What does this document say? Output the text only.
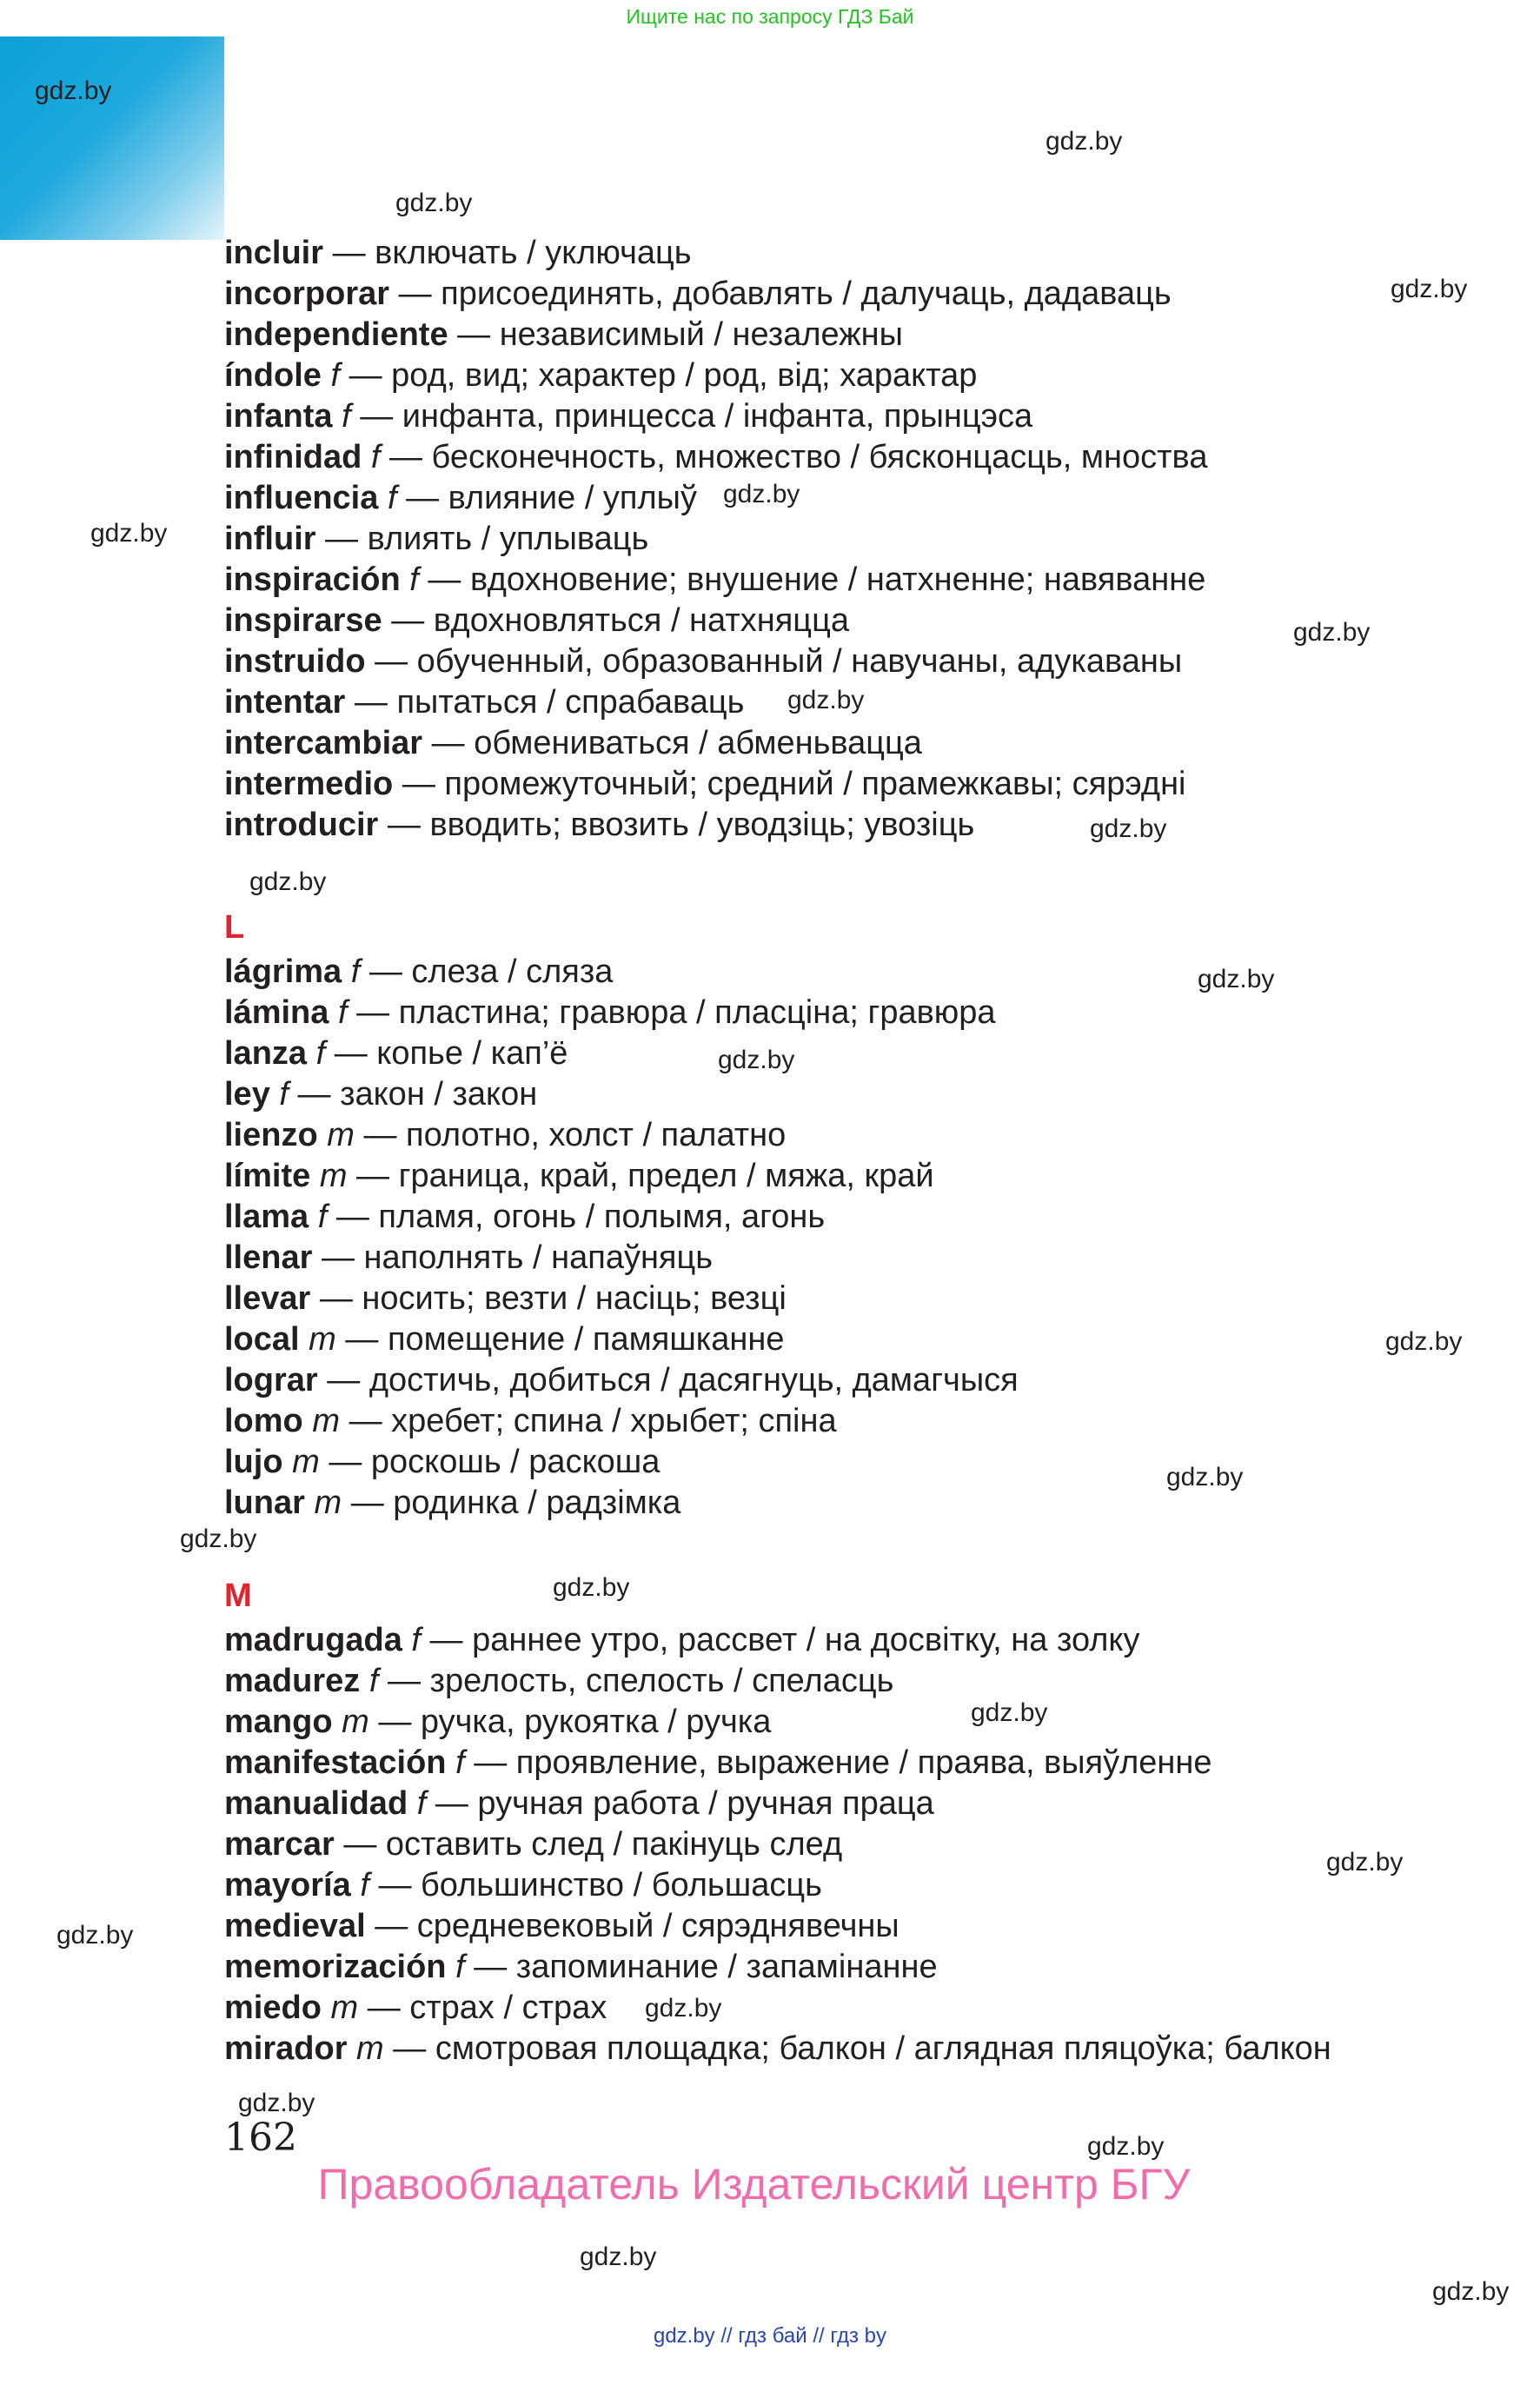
Ищите нас по запросу ГДЗ Бай
gdz.by
gdz.by
gdz.by
gdz.by
gdz.by
gdz.by
gdz.by
gdz.by
gdz.by
gdz.by
gdz.by
gdz.by
gdz.by
gdz.by
gdz.by
gdz.by
gdz.by
gdz.by
gdz.by
gdz.by
gdz.by
gdz.by
gdz.by
gdz.by
incluir — включать / уключаць
incorporar — присоединять, добавлять / далучаць, дадаваць
independiente — независимый / незалежны
índole f — род, вид; характер / род, від; характар
infanta f — инфанта, принцесса / інфанта, прынцэса
infinidad f — бесконечность, множество / бясконцасць, мноства
influencia f — влияние / уплыў
influir — влиять / уплываць
inspiración f — вдохновение; внушение / натхненне; навяванне
inspirarse — вдохновляться / натхняцца
instruido — обученный, образованный / навучаны, адукаваны
intentar — пытаться / спрабаваць
intercambiar — обмениваться / абменьвацца
intermedio — промежуточный; средний / прамежкавы; сярэдні
introducir — вводить; ввозить / уводзіць; увозіць
L
lágrima f — слеза / сляза
lámina f — пластина; гравюра / пласціна; гравюра
lanza f — копье / кап’ё
ley f — закон / закон
lienzo m — полотно, холст / палатно
límite m — граница, край, предел / мяжа, край
llama f — пламя, огонь / полымя, агонь
llenar — наполнять / напаўняць
llevar — носить; везти / насіць; везці
local m — помещение / памяшканне
lograr — достичь, добиться / дасягнуць, дамагчыся
lomo m — хребет; спина / хрыбет; спіна
lujo m — роскошь / раскоша
lunar m — родинка / радзімка
M
madrugada f — раннее утро, рассвет / на досвітку, на золку
madurez f — зрелость, спелость / спеласць
mango m — ручка, рукоятка / ручка
manifestación f — проявление, выражение / праява, выяўленне
manualidad f — ручная работа / ручная праца
marcar — оставить след / пакінуць след
mayoría f — большинство / большасць
medieval — средневековый / сярэднявечны
memorización f — запоминание / запамінанне
miedo m — страх / страх
mirador m — смотровая площадка; балкон / аглядная пляцоўка; балкон
162
Правообладатель Издательский центр БГУ
gdz.by // гдз бай // гдз by
